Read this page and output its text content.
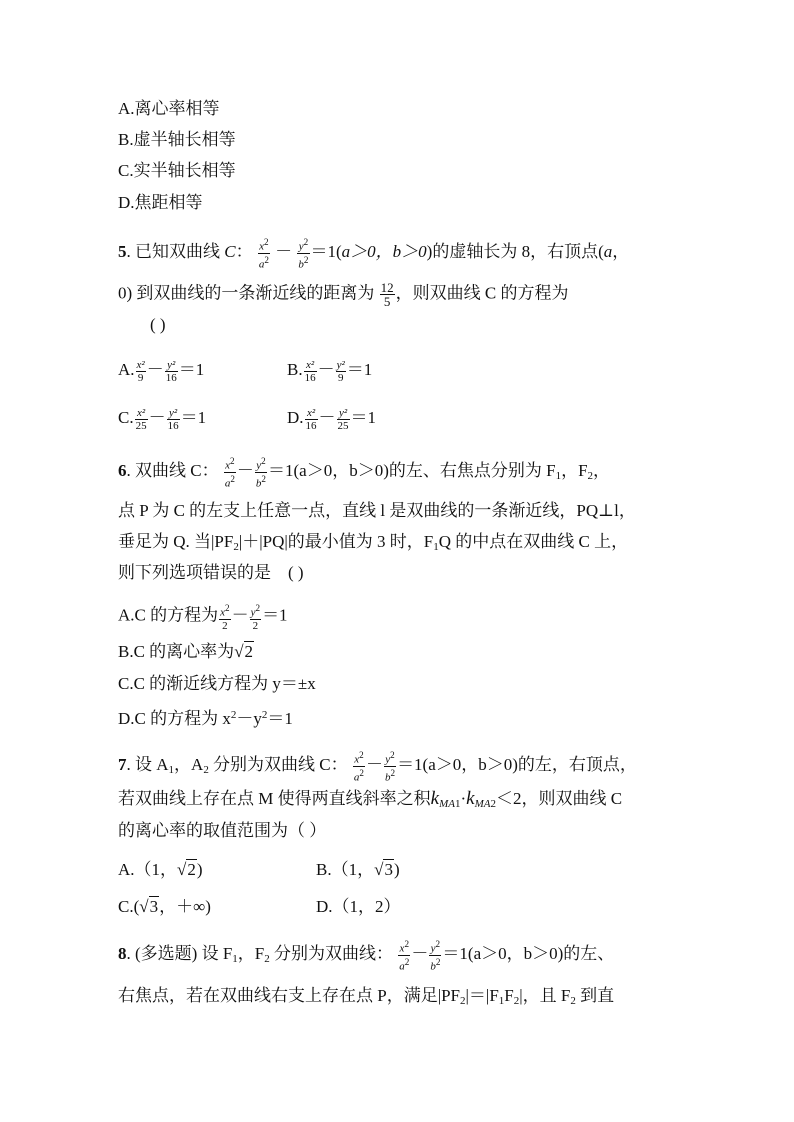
A.离心率相等
B.虚半轴长相等
C.实半轴长相等
D.焦距相等
5. 已知双曲线 C： $\frac{x^2}{a^2} - \frac{y^2}{b^2} =1(a>0$，b＞0)的虚轴长为 8，右顶点(a，
0) 到双曲线的一条渐近线的距离为 $\frac{12}{5}$ ，则双曲线 C 的方程为
( )
A. $\frac{\text{x²}}{9} - \frac{\text{y²}}{16} =1$	B. $\frac{\text{x²}}{16} - \frac{\text{y²}}{9} =1$
C. $\frac{\text{x²}}{25} - \frac{\text{y²}}{16} =1$	D. $\frac{\text{x²}}{16} - \frac{\text{y²}}{25} =1$
6. 双曲线 C： $\frac{x^2}{a^2} - \frac{y^2}{b^2} =1(a>0$，b＞0)的左、右焦点分别为 $F_1$，$F_2$，
点 P 为 C 的左支上任意一点，直线 l 是双曲线的一条渐近线，PQ⊥l，
垂足为 Q. 当$|PF_2|+|PQ|$的最小值为 3 时，$F_1Q$ 的中点在双曲线 C 上，
则下列选项错误的是 ( )
A.C 的方程为 $\frac{x^2}{2} - \frac{y^2}{2} =1$
B.C 的离心率为√2
C.C 的渐近线方程为 y＝±x
D.C 的方程为 $x^2-y^2=1$
7. 设 $A_1$，$A_2$ 分别为双曲线 C： $\frac{x^2}{a^2} - \frac{y^2}{b^2} =1(a>0$，b＞0)的左，右顶点，
若双曲线上存在点 M 使得两直线斜率之积$k_{MA1}\cdot k_{MA2}<2$，则双曲线 C
的离心率的取值范围为（ ）
A.（1，√2)	B.（1，√3)
C.(√3，＋∞)	D.（1，2）
8. (多选题) 设 $F_1$，$F_2$ 分别为双曲线： $\frac{x^2}{a^2} - \frac{y^2}{b^2} =1(a>0$，b＞0)的左、
右焦点，若在双曲线右支上存在点 P，满足$|PF_2|=|F_1F_2|$，且 $F_2$ 到直
